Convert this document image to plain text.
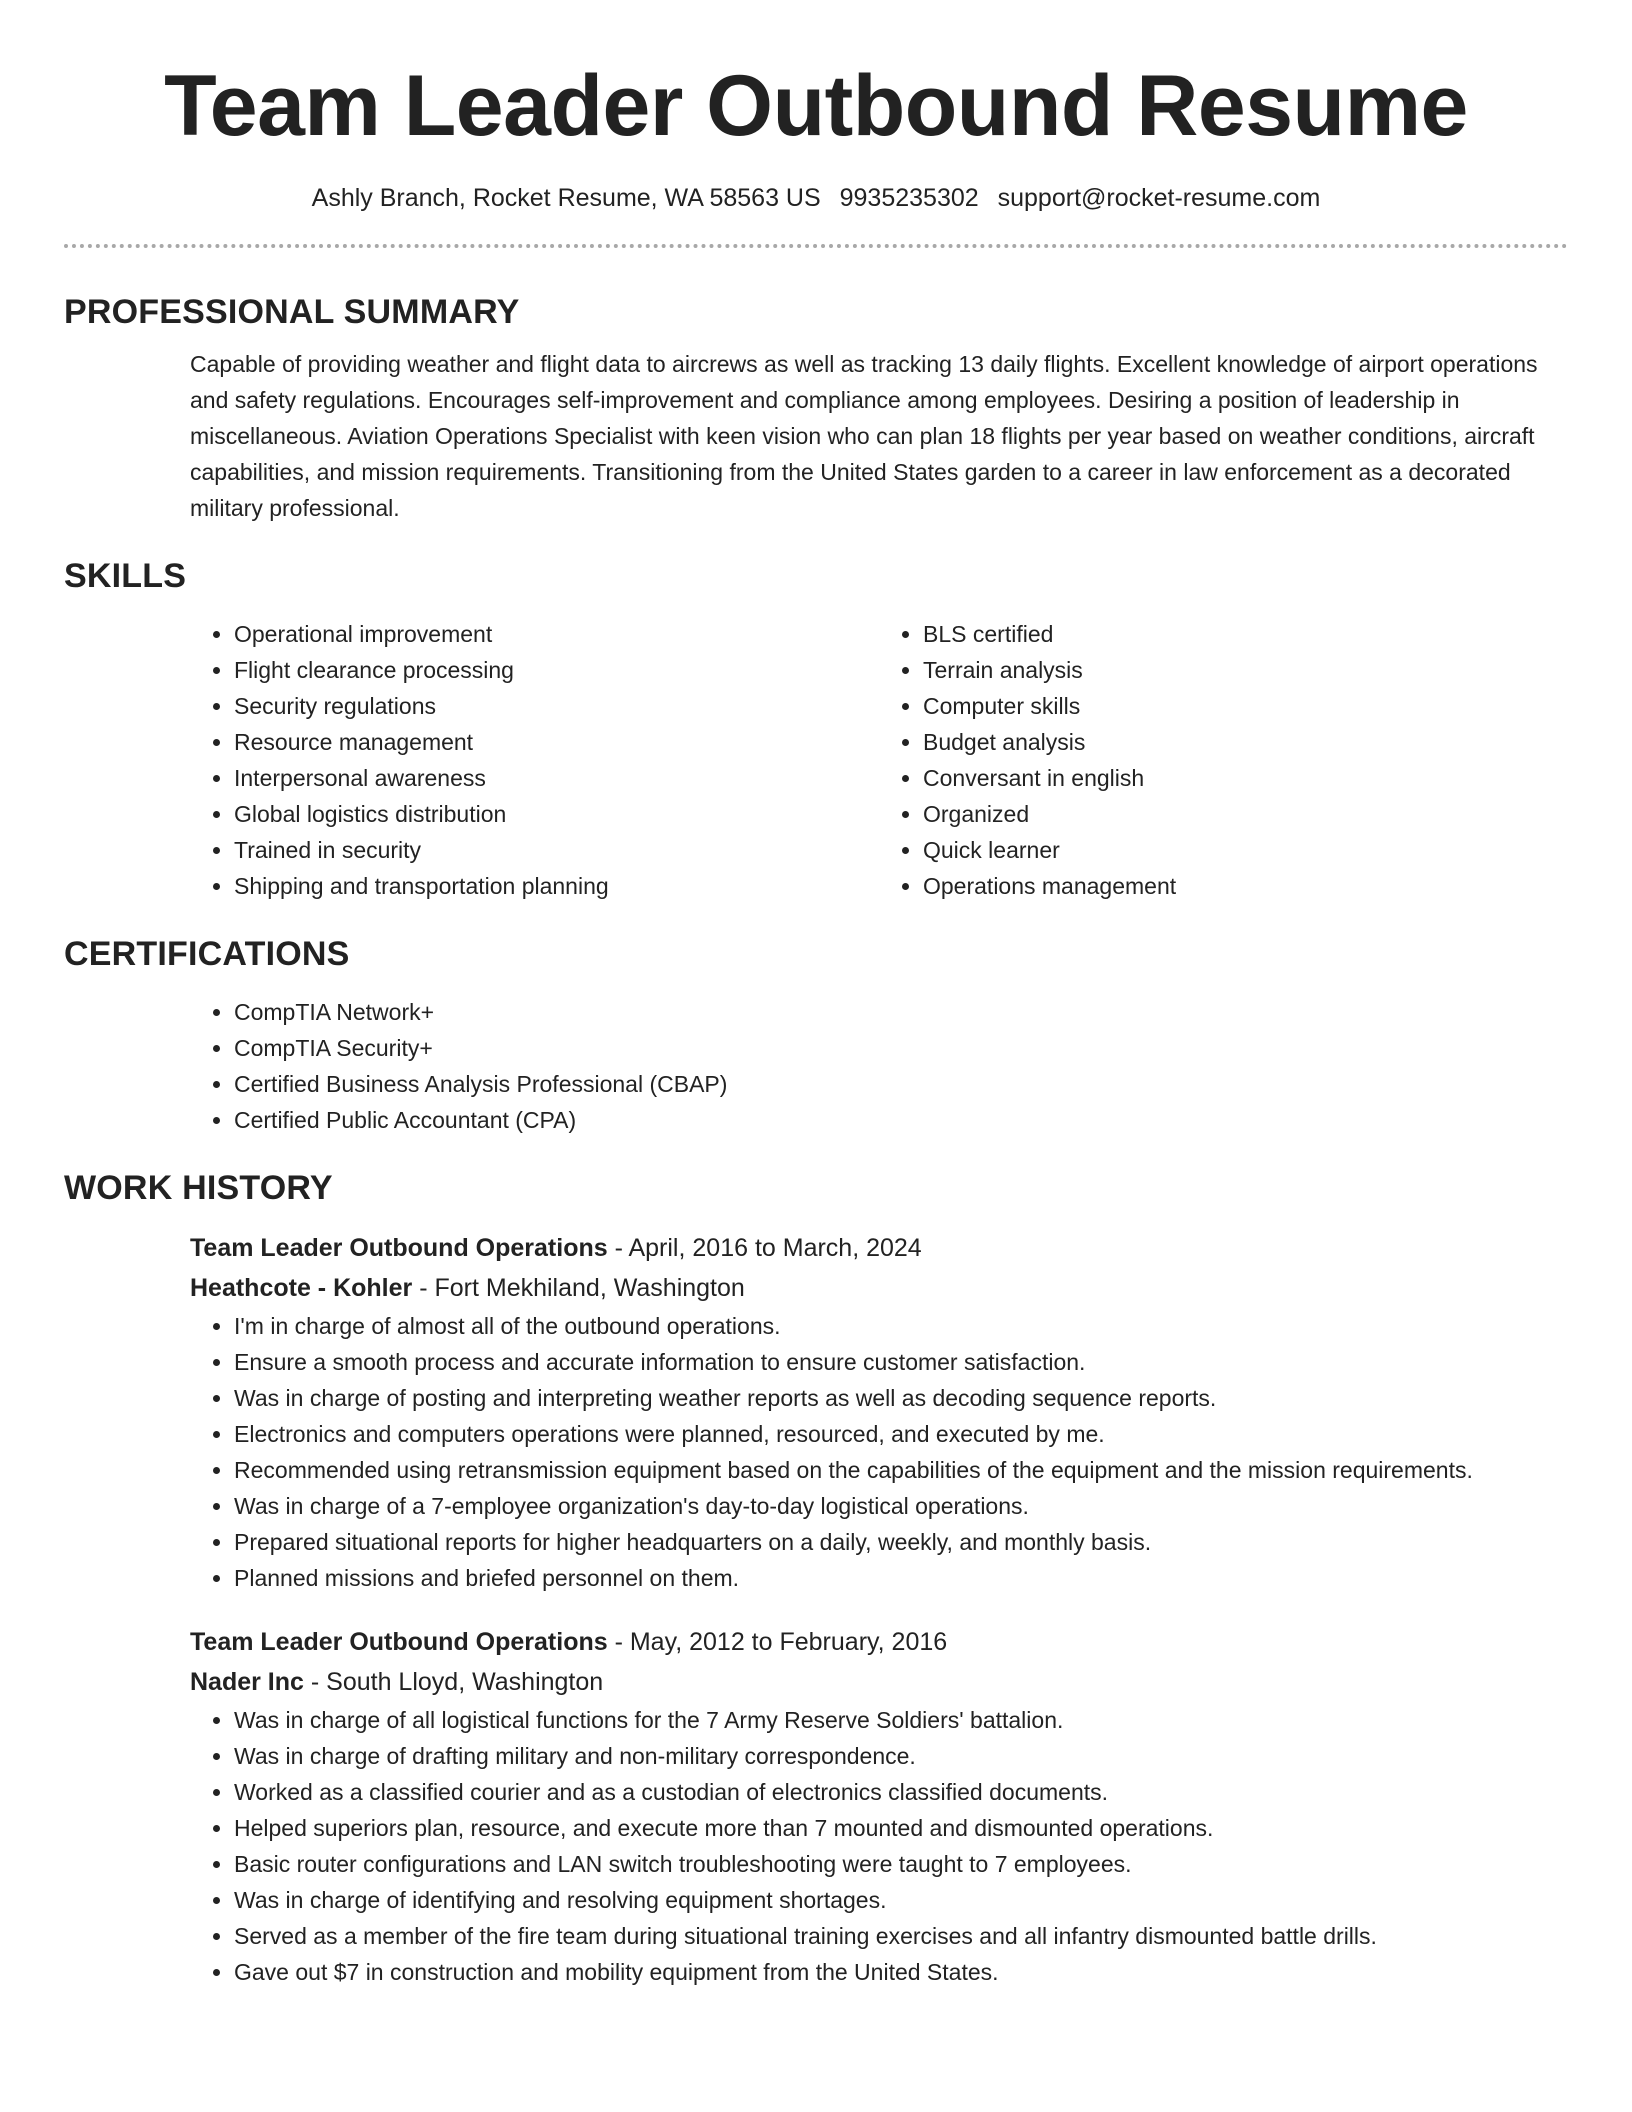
Team Leader Outbound Resume
Ashly Branch, Rocket Resume, WA 58563 US 9935235302 support@rocket-resume.com
PROFESSIONAL SUMMARY

Capable of providing weather and flight data to aircrews as well as tracking 13 daily flights. Excellent knowledge of airport operations and safety regulations. Encourages self-improvement and compliance among employees. Desiring a position of leadership in miscellaneous. Aviation Operations Specialist with keen vision who can plan 18 flights per year based on weather conditions, aircraft capabilities, and mission requirements. Transitioning from the United States garden to a career in law enforcement as a decorated military professional.

SKILLS
• Operational improvement
• Flight clearance processing
• Security regulations
• Resource management
• Interpersonal awareness
• Global logistics distribution
• Trained in security
• Shipping and transportation planning
• BLS certified
• Terrain analysis
• Computer skills
• Budget analysis
• Conversant in english
• Organized
• Quick learner
• Operations management
CERTIFICATIONS
• CompTIA Network+
• CompTIA Security+
• Certified Business Analysis Professional (CBAP)
• Certified Public Accountant (CPA)
WORK HISTORY

Team Leader Outbound Operations - April, 2016 to March, 2024

Heathcote - Kohler - Fort Mekhiland, Washington

• I'm in charge of almost all of the outbound operations.
• Ensure a smooth process and accurate information to ensure customer satisfaction.
• Was in charge of posting and interpreting weather reports as well as decoding sequence reports.
• Electronics and computers operations were planned, resourced, and executed by me.
• Recommended using retransmission equipment based on the capabilities of the equipment and the mission requirements.
• Was in charge of a 7-employee organization's day-to-day logistical operations.
• Prepared situational reports for higher headquarters on a daily, weekly, and monthly basis.
• Planned missions and briefed personnel on them.

Team Leader Outbound Operations - May, 2012 to February, 2016

Nader Inc - South Lloyd, Washington

• Was in charge of all logistical functions for the 7 Army Reserve Soldiers' battalion.
• Was in charge of drafting military and non-military correspondence.
• Worked as a classified courier and as a custodian of electronics classified documents.
• Helped superiors plan, resource, and execute more than 7 mounted and dismounted operations.
• Basic router configurations and LAN switch troubleshooting were taught to 7 employees.
• Was in charge of identifying and resolving equipment shortages.
• Served as a member of the fire team during situational training exercises and all infantry dismounted battle drills.
• Gave out $7 in construction and mobility equipment from the United States.
